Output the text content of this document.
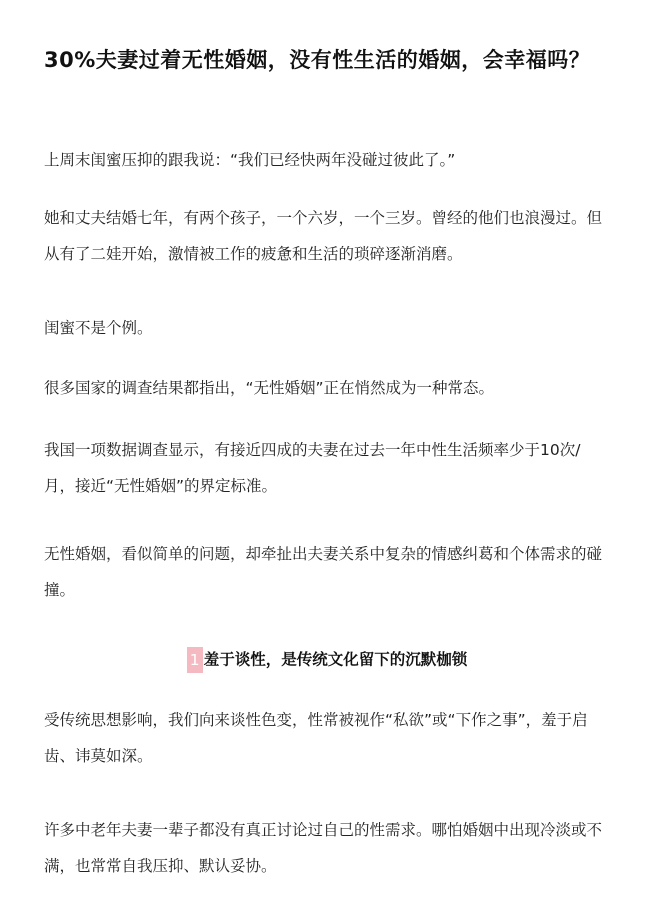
30%夫妻过着无性婚姻，没有性生活的婚姻，会幸福吗？

上周末闺蜜压抑的跟我说：“我们已经快两年没碰过彼此了。”

她和丈夫结婚七年，有两个孩子，一个六岁，一个三岁。曾经的他们也浪漫过。但从有了二娃开始，激情被工作的疲惫和生活的琐碎逐渐消磨。

闺蜜不是个例。

很多国家的调查结果都指出，“无性婚姻”正在悄然成为一种常态。

我国一项数据调查显示，有接近四成的夫妻在过去一年中性生活频率少于10次/月，接近“无性婚姻”的界定标准。

无性婚姻，看似简单的问题，却牵扯出夫妻关系中复杂的情感纠葛和个体需求的碰撞。

1 羞于谈性，是传统文化留下的沉默枷锁

受传统思想影响，我们向来谈性色变，性常被视作“私欲”或“下作之事”，羞于启齿、讳莫如深。

许多中老年夫妻一辈子都没有真正讨论过自己的性需求。哪怕婚姻中出现冷淡或不满，也常常自我压抑、默认妥协。
